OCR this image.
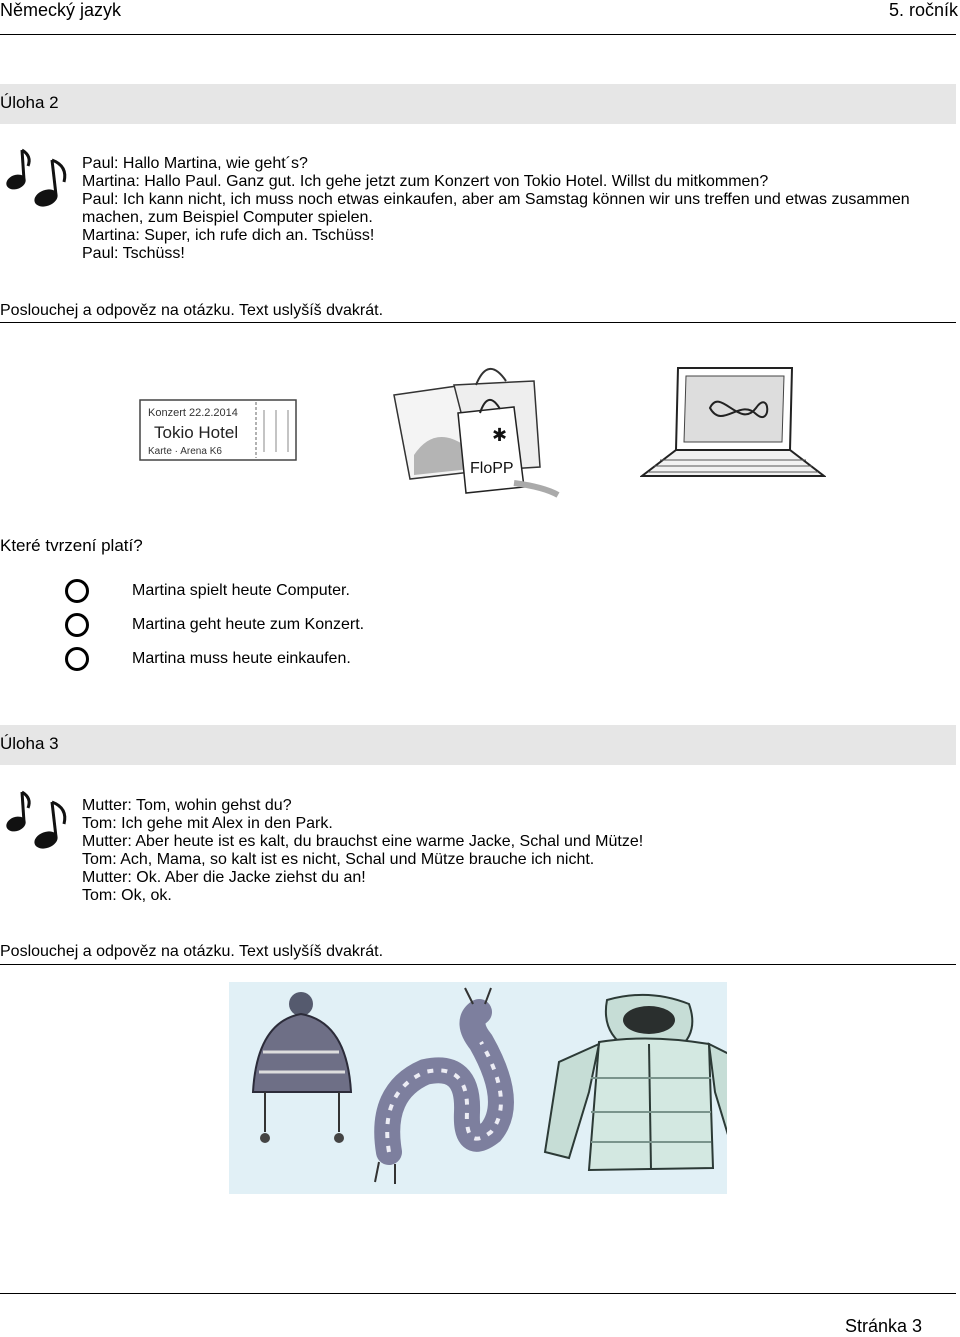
Německý jazyk	5. ročník
Úloha 2
Paul: Hallo Martina, wie geht´s?
Martina: Hallo Paul. Ganz gut. Ich gehe jetzt zum Konzert von Tokio Hotel. Willst du mitkommen?
Paul: Ich kann nicht, ich muss noch etwas einkaufen, aber am Samstag können wir uns treffen und etwas zusammen machen, zum Beispiel Computer spielen.
Martina: Super, ich rufe dich an. Tschüss!
Paul: Tschüss!
Poslouchej a odpověz na otázku. Text uslyšíš dvakrát.
Konzert 22.2.2014
Tokio Hotel
Karte · Arena K6
FloPP
✱
Které tvrzení platí?
Martina spielt heute Computer.
Martina geht heute zum Konzert.
Martina muss heute einkaufen.
Úloha 3
Mutter: Tom, wohin gehst du?
Tom: Ich gehe mit Alex in den Park.
Mutter: Aber heute ist es kalt, du brauchst eine warme Jacke, Schal und Mütze!
Tom: Ach, Mama, so kalt ist es nicht, Schal und Mütze brauche ich nicht.
Mutter: Ok. Aber die Jacke ziehst du an!
Tom: Ok, ok.
Poslouchej a odpověz na otázku. Text uslyšíš dvakrát.
Stránka 3
